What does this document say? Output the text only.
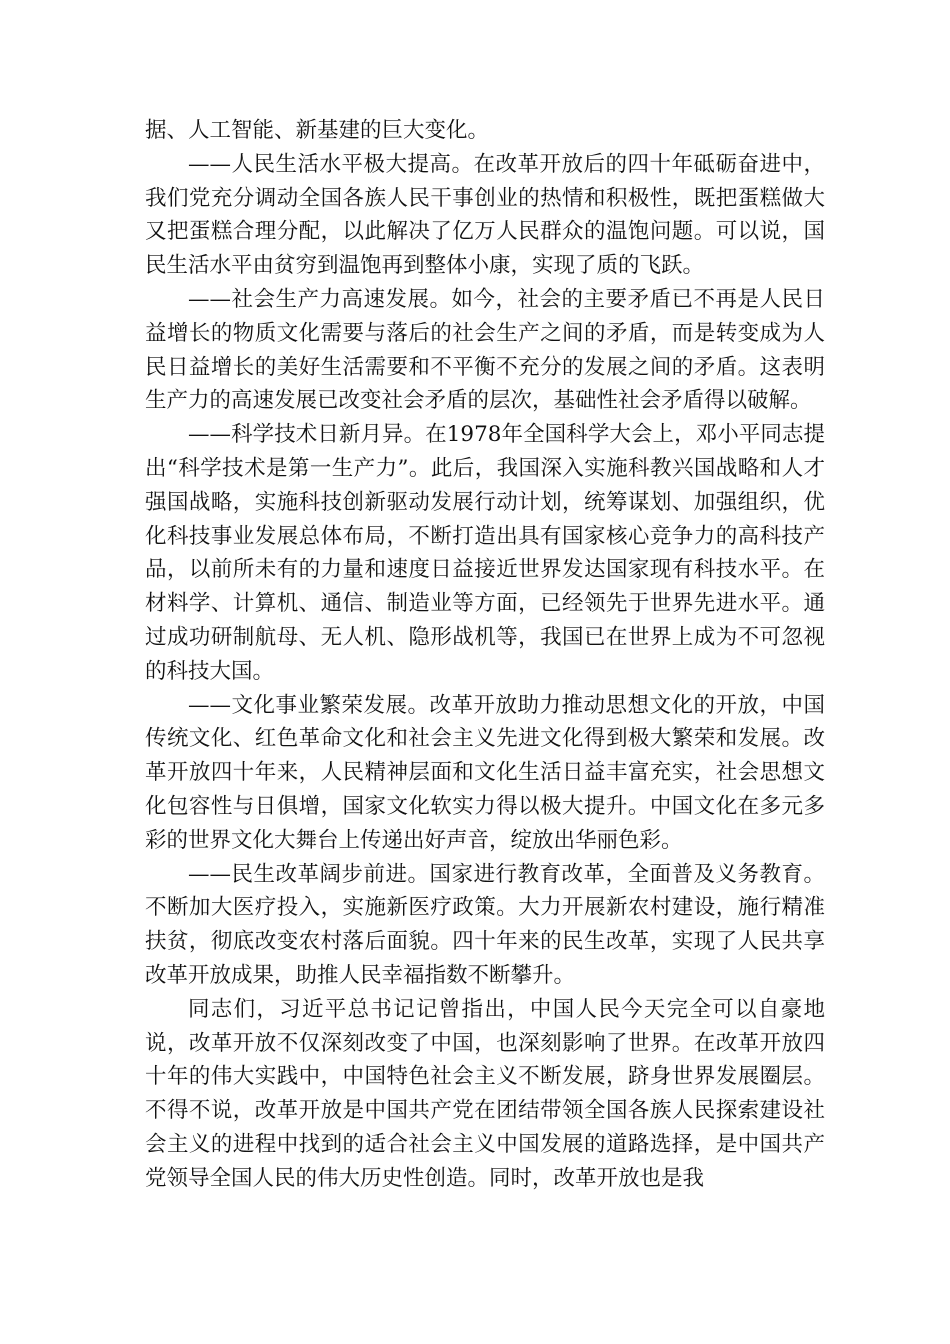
据、人工智能、新基建的巨大变化。

——人民生活水平极大提高。在改革开放后的四十年砥砺奋进中，我们党充分调动全国各族人民干事创业的热情和积极性，既把蛋糕做大又把蛋糕合理分配，以此解决了亿万人民群众的温饱问题。可以说，国民生活水平由贫穷到温饱再到整体小康，实现了质的飞跃。

——社会生产力高速发展。如今，社会的主要矛盾已不再是人民日益增长的物质文化需要与落后的社会生产之间的矛盾，而是转变成为人民日益增长的美好生活需要和不平衡不充分的发展之间的矛盾。这表明生产力的高速发展已改变社会矛盾的层次，基础性社会矛盾得以破解。

——科学技术日新月异。在1978年全国科学大会上，邓小平同志提出“科学技术是第一生产力”。此后，我国深入实施科教兴国战略和人才强国战略，实施科技创新驱动发展行动计划，统筹谋划、加强组织，优化科技事业发展总体布局，不断打造出具有国家核心竞争力的高科技产品，以前所未有的力量和速度日益接近世界发达国家现有科技水平。在材料学、计算机、通信、制造业等方面，已经领先于世界先进水平。通过成功研制航母、无人机、隐形战机等，我国已在世界上成为不可忽视的科技大国。

——文化事业繁荣发展。改革开放助力推动思想文化的开放，中国传统文化、红色革命文化和社会主义先进文化得到极大繁荣和发展。改革开放四十年来，人民精神层面和文化生活日益丰富充实，社会思想文化包容性与日俱增，国家文化软实力得以极大提升。中国文化在多元多彩的世界文化大舞台上传递出好声音，绽放出华丽色彩。

——民生改革阔步前进。国家进行教育改革，全面普及义务教育。不断加大医疗投入，实施新医疗政策。大力开展新农村建设，施行精准扶贫，彻底改变农村落后面貌。四十年来的民生改革，实现了人民共享改革开放成果，助推人民幸福指数不断攀升。

同志们，习近平总书记记曾指出，中国人民今天完全可以自豪地说，改革开放不仅深刻改变了中国，也深刻影响了世界。在改革开放四十年的伟大实践中，中国特色社会主义不断发展，跻身世界发展圈层。不得不说，改革开放是中国共产党在团结带领全国各族人民探索建设社会主义的进程中找到的适合社会主义中国发展的道路选择，是中国共产党领导全国人民的伟大历史性创造。同时，改革开放也是我
